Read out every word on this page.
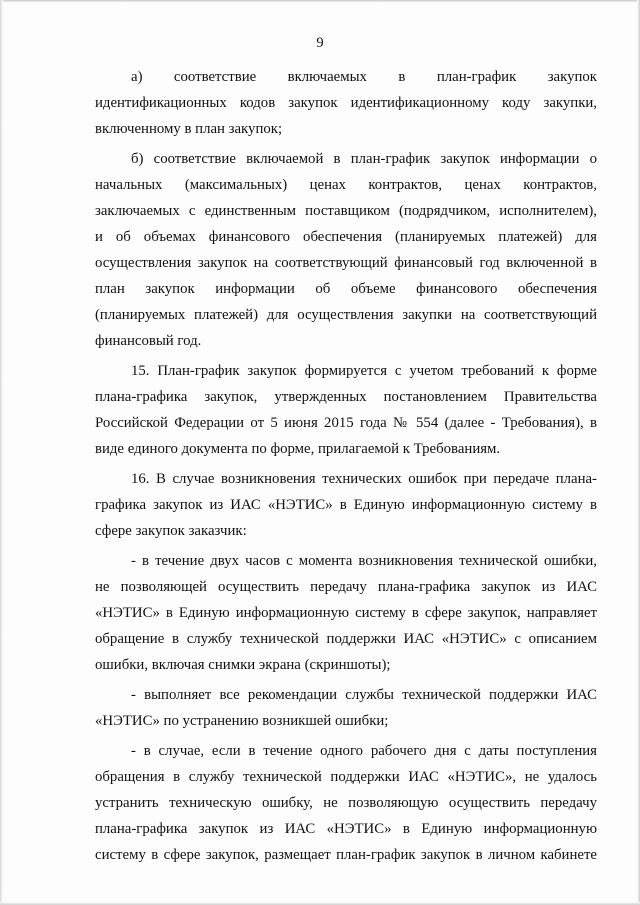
9
а)    соответствие    включаемых    в    план-график    закупок
идентификационных кодов закупок идентификационному коду закупки,
включенному в план закупок;
б) соответствие включаемой в план-график закупок информации о
начальных (максимальных) ценах контрактов, ценах контрактов,
заключаемых с единственным поставщиком (подрядчиком, исполнителем),
и об объемах финансового обеспечения (планируемых платежей) для
осуществления закупок на соответствующий финансовый год включенной в
план закупок информации об объеме финансового обеспечения
(планируемых платежей) для осуществления закупки на соответствующий
финансовый год.
15. План-график закупок формируется с учетом требований к форме
плана-графика закупок, утвержденных постановлением Правительства
Российской Федерации от 5 июня 2015 года № 554 (далее - Требования), в
виде единого документа по форме, прилагаемой к Требованиям.
16. В случае возникновения технических ошибок при передаче плана-
графика закупок из ИАС «НЭТИС» в Единую информационную систему в
сфере закупок заказчик:
- в течение двух часов с момента возникновения технической ошибки,
не позволяющей осуществить передачу плана-графика закупок из ИАС
«НЭТИС» в Единую информационную систему в сфере закупок, направляет
обращение в службу технической поддержки ИАС «НЭТИС» с описанием
ошибки, включая снимки экрана (скриншоты);
- выполняет все рекомендации службы технической поддержки ИАС
«НЭТИС» по устранению возникшей ошибки;
- в случае, если в течение одного рабочего дня с даты поступления
обращения в службу технической поддержки ИАС «НЭТИС», не удалось
устранить техническую ошибку, не позволяющую осуществить передачу
плана-графика закупок из ИАС «НЭТИС» в Единую информационную
систему в сфере закупок, размещает план-график закупок в личном кабинете
